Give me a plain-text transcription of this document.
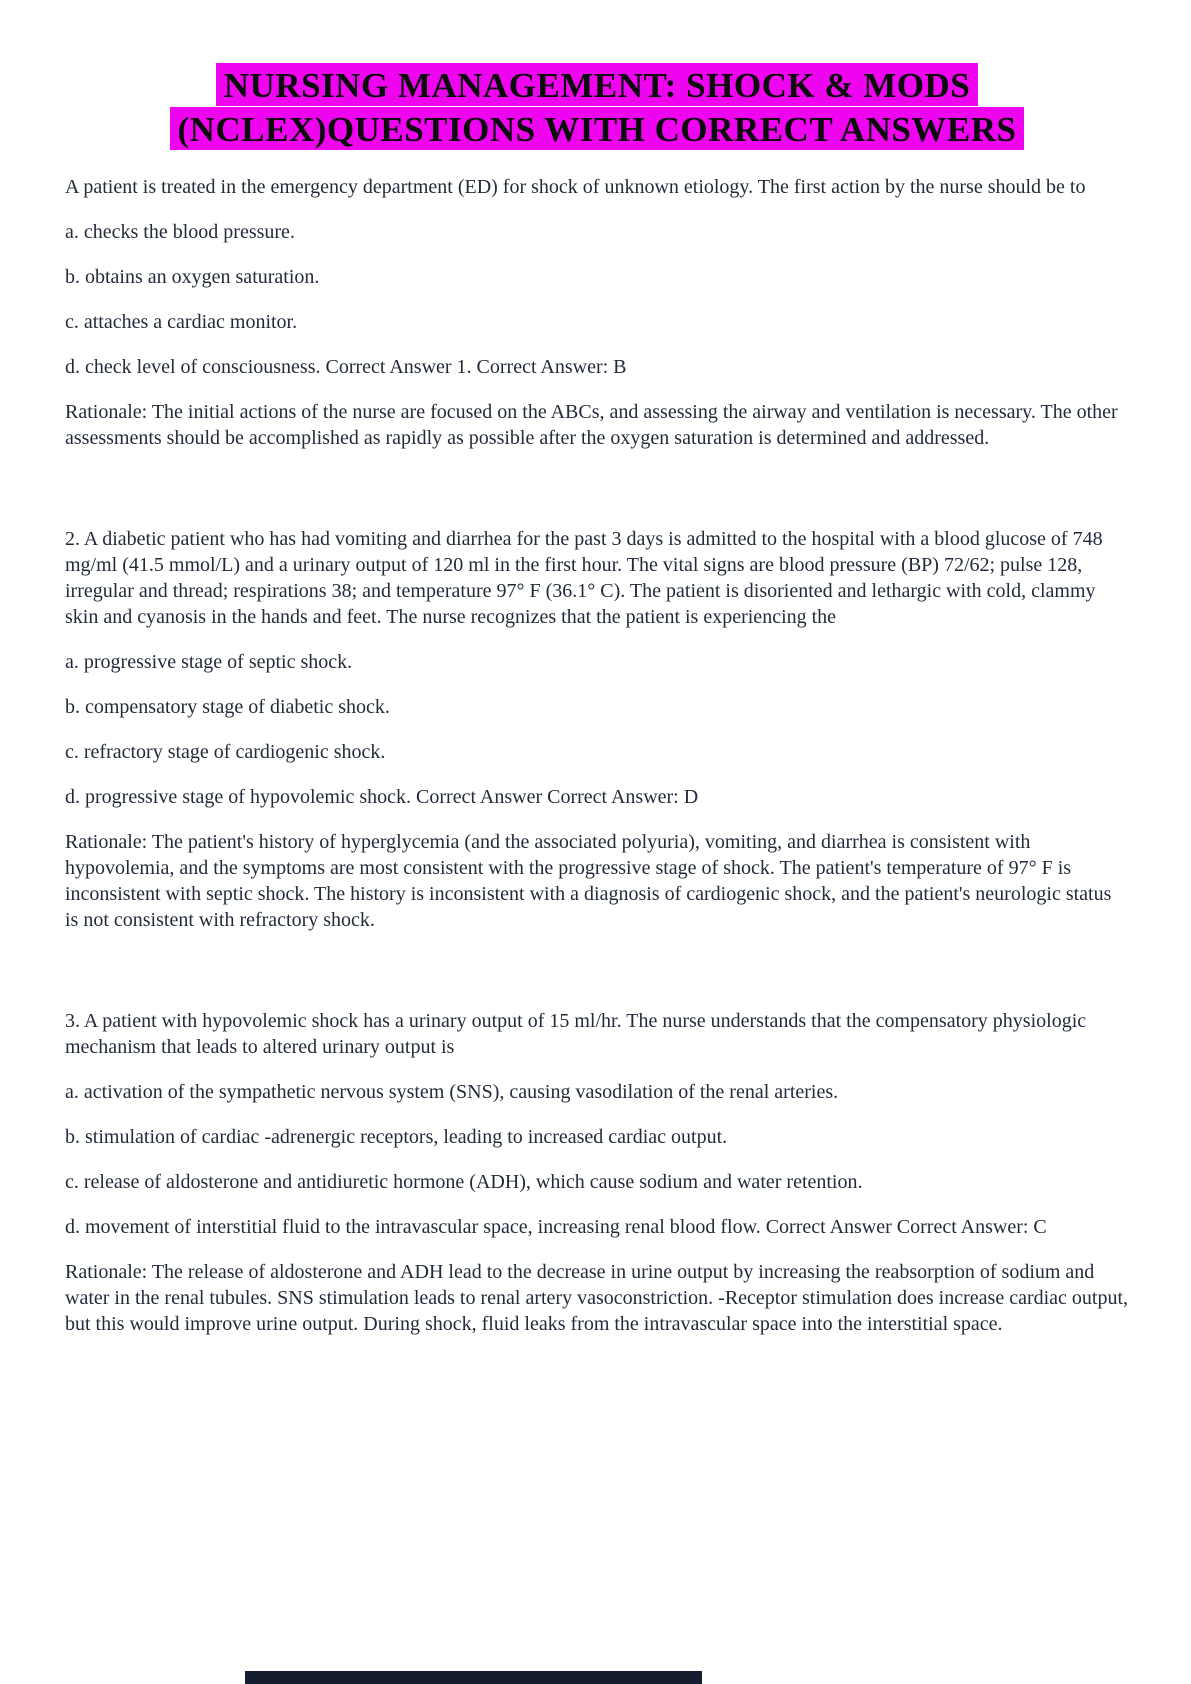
NURSING MANAGEMENT: SHOCK & MODS
(NCLEX)QUESTIONS WITH CORRECT ANSWERS

A patient is treated in the emergency department (ED) for shock of unknown etiology. The first action by the nurse should be to

a. checks the blood pressure.

b. obtains an oxygen saturation.

c. attaches a cardiac monitor.

d. check level of consciousness. Correct Answer 1. Correct Answer: B

Rationale: The initial actions of the nurse are focused on the ABCs, and assessing the airway and ventilation is necessary. The other assessments should be accomplished as rapidly as possible after the oxygen saturation is determined and addressed.

2. A diabetic patient who has had vomiting and diarrhea for the past 3 days is admitted to the hospital with a blood glucose of 748 mg/ml (41.5 mmol/L) and a urinary output of 120 ml in the first hour. The vital signs are blood pressure (BP) 72/62; pulse 128, irregular and thread; respirations 38; and temperature 97° F (36.1° C). The patient is disoriented and lethargic with cold, clammy skin and cyanosis in the hands and feet. The nurse recognizes that the patient is experiencing the

a. progressive stage of septic shock.

b. compensatory stage of diabetic shock.

c. refractory stage of cardiogenic shock.

d. progressive stage of hypovolemic shock. Correct Answer Correct Answer: D

Rationale: The patient's history of hyperglycemia (and the associated polyuria), vomiting, and diarrhea is consistent with hypovolemia, and the symptoms are most consistent with the progressive stage of shock. The patient's temperature of 97° F is inconsistent with septic shock. The history is inconsistent with a diagnosis of cardiogenic shock, and the patient's neurologic status is not consistent with refractory shock.

3. A patient with hypovolemic shock has a urinary output of 15 ml/hr. The nurse understands that the compensatory physiologic mechanism that leads to altered urinary output is

a. activation of the sympathetic nervous system (SNS), causing vasodilation of the renal arteries.

b. stimulation of cardiac -adrenergic receptors, leading to increased cardiac output.

c. release of aldosterone and antidiuretic hormone (ADH), which cause sodium and water retention.

d. movement of interstitial fluid to the intravascular space, increasing renal blood flow. Correct Answer Correct Answer: C

Rationale: The release of aldosterone and ADH lead to the decrease in urine output by increasing the reabsorption of sodium and water in the renal tubules. SNS stimulation leads to renal artery vasoconstriction. -Receptor stimulation does increase cardiac output, but this would improve urine output. During shock, fluid leaks from the intravascular space into the interstitial space.
